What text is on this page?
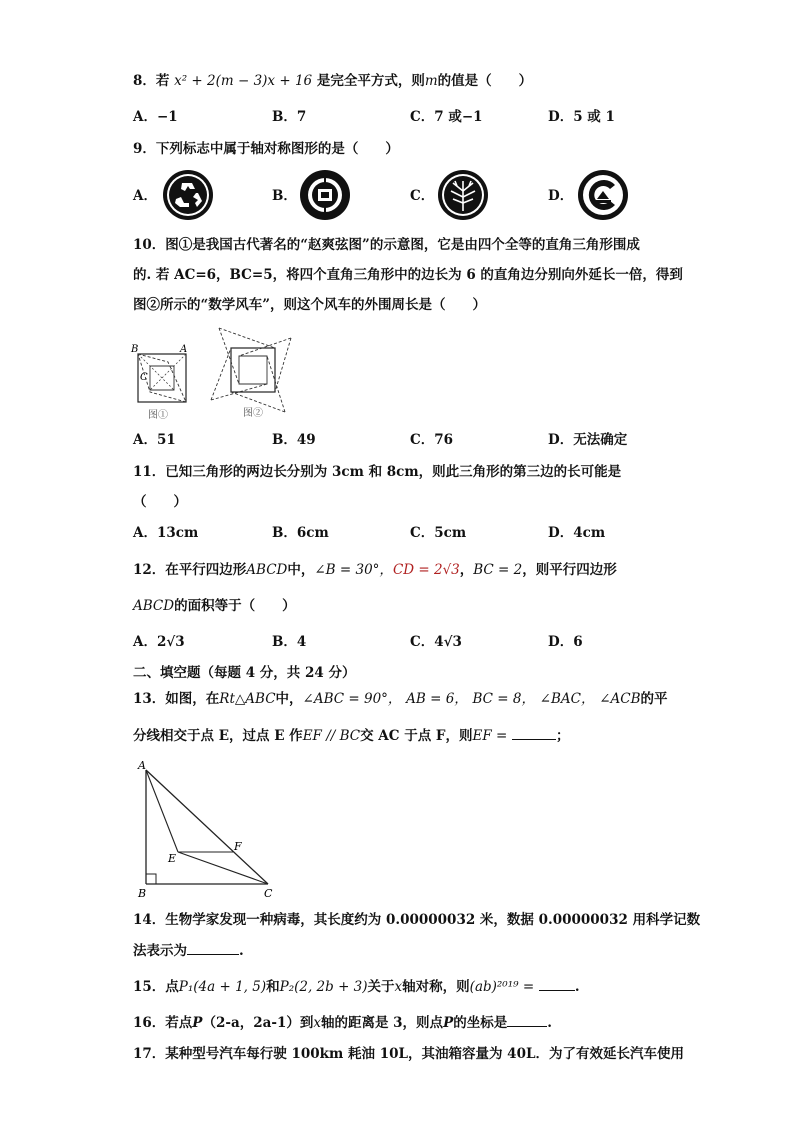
8．若 x² + 2(m − 3)x + 16 是完全平方式，则m的值是（　　）
A．−1	B．7	C．7 或−1	D．5 或 1
9．下列标志中属于轴对称图形的是（　　）
A．	B．	C．	D．
10．图①是我国古代著名的“赵爽弦图”的示意图，它是由四个全等的直角三角形围成
的. 若 AC=6，BC=5，将四个直角三角形中的边长为 6 的直角边分别向外延长一倍，得到
图②所示的“数学风车”，则这个风车的外围周长是（　　）
B	A
C
图①	图②
A．51	B．49	C．76	D．无法确定
11．已知三角形的两边长分别为 3cm 和 8cm，则此三角形的第三边的长可能是
（　　）
A．13cm	B．6cm	C．5cm	D．4cm
12．在平行四边形ABCD中，∠B = 30°，CD = 2√3，BC = 2，则平行四边形
ABCD的面积等于（　　）
A．2√3	B．4	C．4√3	D．6
二、填空题（每题 4 分，共 24 分）
13．如图，在Rt△ABC中，∠ABC = 90°， AB = 6， BC = 8， ∠BAC， ∠ACB的平
分线相交于点 E，过点 E 作EF // BC交 AC 于点 F，则EF =	；
A
B	C
E
F
14．生物学家发现一种病毒，其长度约为 0.00000032 米，数据 0.00000032 用科学记数
法表示为	.
15．点P₁(4a + 1, 5)和P₂(2, 2b + 3)关于x轴对称，则(ab)²⁰¹⁹ =	.
16．若点P（2-a，2a-1）到x轴的距离是 3，则点P的坐标是	.
17．某种型号汽车每行驶 100km 耗油 10L，其油箱容量为 40L．为了有效延长汽车使用
